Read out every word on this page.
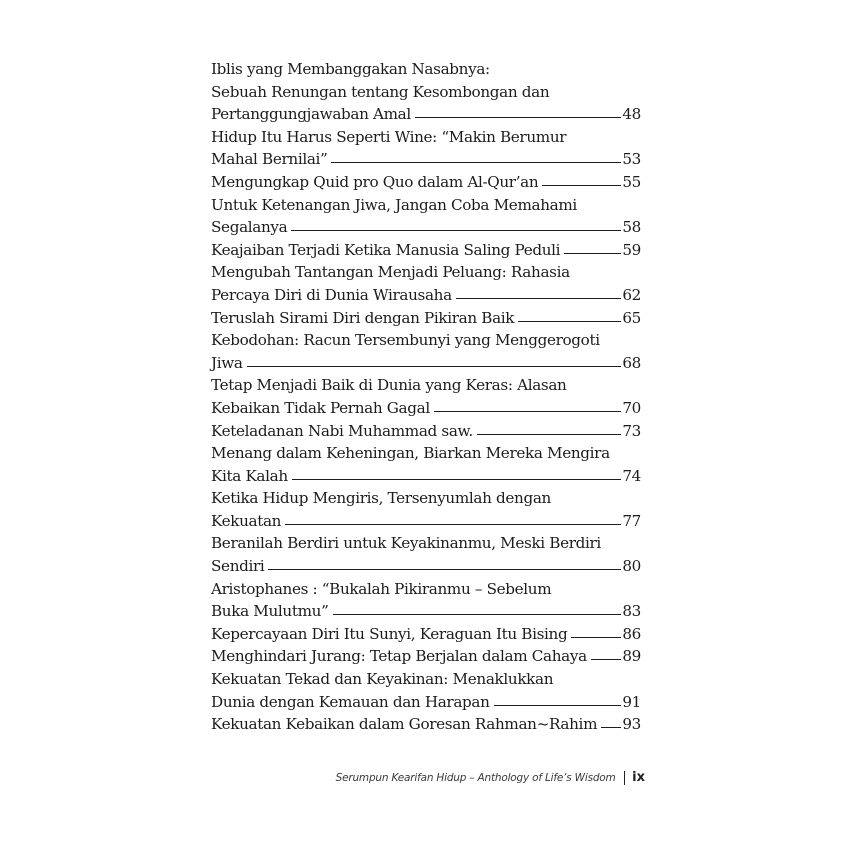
Iblis yang Membanggakan Nasabnya:
Sebuah Renungan tentang Kesombongan dan
Pertanggungjawaban Amal	48
Hidup Itu Harus Seperti Wine: “Makin Berumur
Mahal Bernilai”	53
Mengungkap Quid pro Quo dalam Al-Qur’an	55
Untuk Ketenangan Jiwa, Jangan Coba Memahami
Segalanya	58
Keajaiban Terjadi Ketika Manusia Saling Peduli	59
Mengubah Tantangan Menjadi Peluang: Rahasia
Percaya Diri di Dunia Wirausaha	62
Teruslah Sirami Diri dengan Pikiran Baik	65
Kebodohan: Racun Tersembunyi yang Menggerogoti
Jiwa	68
Tetap Menjadi Baik di Dunia yang Keras: Alasan
Kebaikan Tidak Pernah Gagal	70
Keteladanan Nabi Muhammad saw.	73
Menang dalam Keheningan, Biarkan Mereka Mengira
Kita Kalah	74
Ketika Hidup Mengiris, Tersenyumlah dengan
Kekuatan	77
Beranilah Berdiri untuk Keyakinanmu, Meski Berdiri
Sendiri	80
Aristophanes : “Bukalah Pikiranmu – Sebelum
Buka Mulutmu”	83
Kepercayaan Diri Itu Sunyi, Keraguan Itu Bising	86
Menghindari Jurang: Tetap Berjalan dalam Cahaya 89
Kekuatan Tekad dan Keyakinan: Menaklukkan
Dunia dengan Kemauan dan Harapan	91
Kekuatan Kebaikan dalam Goresan Rahman~Rahim 93
Serumpun Kearifan Hidup – Anthology of Life’s Wisdom ix
